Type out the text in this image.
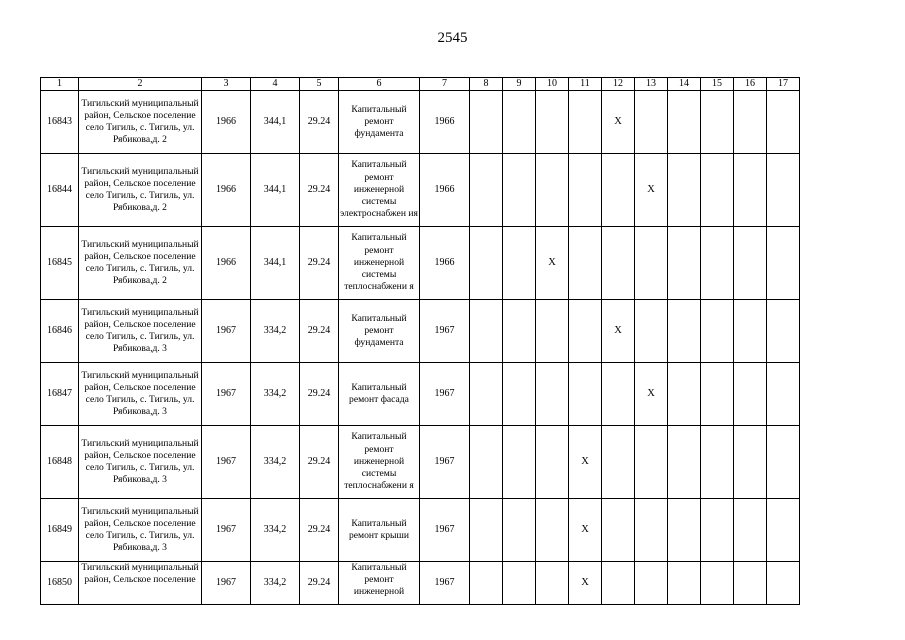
2545
1	2	3	4	5	6	7	8	9	10	11	12	13	14	15	16	17
16843	Тигильский муниципальный район, Сельское поселение село Тигиль, с. Тигиль, ул. Рябикова,д. 2	1966	344,1	29.24	Капитальный ремонт фундамента	1966					X					
16844	Тигильский муниципальный район, Сельское поселение село Тигиль, с. Тигиль, ул. Рябикова,д. 2	1966	344,1	29.24	Капитальный ремонт инженерной системы электроснабжен ия	1966						X				
16845	Тигильский муниципальный район, Сельское поселение село Тигиль, с. Тигиль, ул. Рябикова,д. 2	1966	344,1	29.24	Капитальный ремонт инженерной системы теплоснабжени я	1966			X							
16846	Тигильский муниципальный район, Сельское поселение село Тигиль, с. Тигиль, ул. Рябикова,д. 3	1967	334,2	29.24	Капитальный ремонт фундамента	1967					X					
16847	Тигильский муниципальный район, Сельское поселение село Тигиль, с. Тигиль, ул. Рябикова,д. 3	1967	334,2	29.24	Капитальный ремонт фасада	1967						X				
16848	Тигильский муниципальный район, Сельское поселение село Тигиль, с. Тигиль, ул. Рябикова,д. 3	1967	334,2	29.24	Капитальный ремонт инженерной системы теплоснабжени я	1967				X						
16849	Тигильский муниципальный район, Сельское поселение село Тигиль, с. Тигиль, ул. Рябикова,д. 3	1967	334,2	29.24	Капитальный ремонт крыши	1967				X						
16850	Тигильский муниципальный район, Сельское поселение	1967	334,2	29.24	Капитальный ремонт инженерной	1967				X						
